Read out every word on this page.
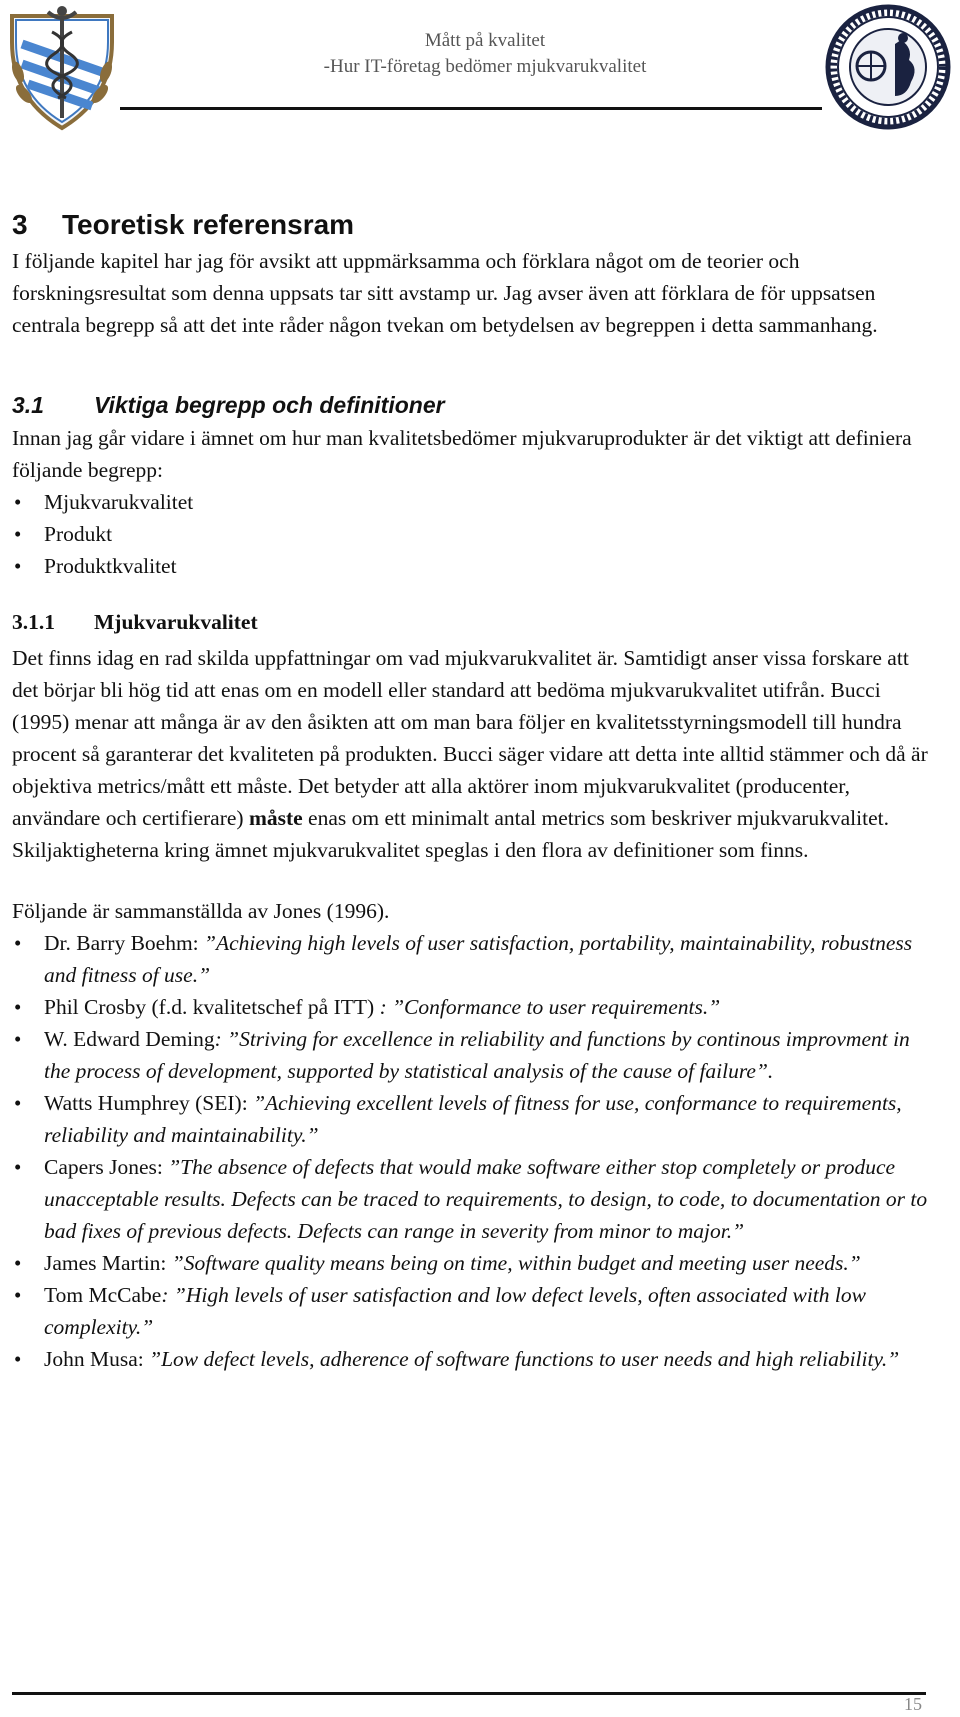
Mått på kvalitet
-Hur IT-företag bedömer mjukvarukvalitet
3 Teoretisk referensram

I följande kapitel har jag för avsikt att uppmärksamma och förklara något om de teorier och forskningsresultat som denna uppsats tar sitt avstamp ur. Jag avser även att förklara de för uppsatsen centrala begrepp så att det inte råder någon tvekan om betydelsen av begreppen i detta sammanhang.

3.1 Viktiga begrepp och definitioner

Innan jag går vidare i ämnet om hur man kvalitetsbedömer mjukvaruprodukter är det viktigt att definiera följande begrepp:

• Mjukvarukvalitet
• Produkt
• Produktkvalitet
3.1.1 Mjukvarukvalitet

Det finns idag en rad skilda uppfattningar om vad mjukvarukvalitet är. Samtidigt anser vissa forskare att det börjar bli hög tid att enas om en modell eller standard att bedöma mjukvarukvalitet utifrån. Bucci (1995) menar att många är av den åsikten att om man bara följer en kvalitetsstyrningsmodell till hundra procent så garanterar det kvaliteten på produkten. Bucci säger vidare att detta inte alltid stämmer och då är objektiva metrics/mått ett måste. Det betyder att alla aktörer inom mjukvarukvalitet (producenter, användare och certifierare) måste enas om ett minimalt antal metrics som beskriver mjukvarukvalitet. Skiljaktigheterna kring ämnet mjukvarukvalitet speglas i den flora av definitioner som finns.

Följande är sammanställda av Jones (1996).

• Dr. Barry Boehm: ”Achieving high levels of user satisfaction, portability, maintainability, robustness and fitness of use.”
• Phil Crosby (f.d. kvalitetschef på ITT) : ”Conformance to user requirements.”
• W. Edward Deming: ”Striving for excellence in reliability and functions by continous improvment in the process of development, supported by statistical analysis of the cause of failure”.
• Watts Humphrey (SEI): ”Achieving excellent levels of fitness for use, conformance to requirements, reliability and maintainability.”
• Capers Jones: ”The absence of defects that would make software either stop completely or produce unacceptable results. Defects can be traced to requirements, to design, to code, to documentation or to bad fixes of previous defects. Defects can range in severity from minor to major.”
• James Martin: ”Software quality means being on time, within budget and meeting user needs.”
• Tom McCabe: ”High levels of user satisfaction and low defect levels, often associated with low complexity.”
• John Musa: ”Low defect levels, adherence of software functions to user needs and high reliability.”
15
